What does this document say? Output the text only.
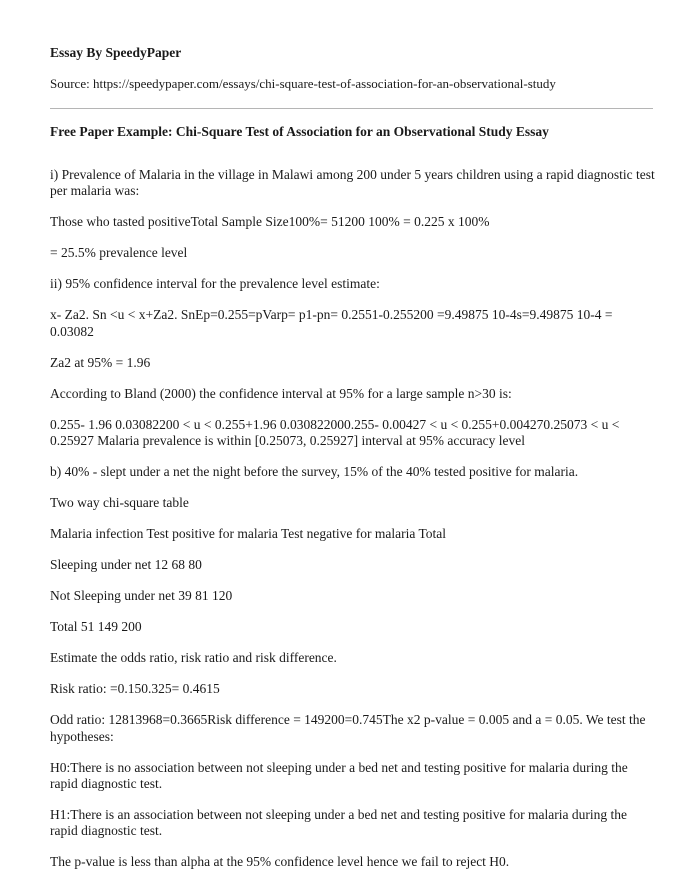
Essay By SpeedyPaper
Source: https://speedypaper.com/essays/chi-square-test-of-association-for-an-observational-study
Free Paper Example: Chi-Square Test of Association for an Observational Study Essay
i) Prevalence of Malaria in the village in Malawi among 200 under 5 years children using a rapid diagnostic test per malaria was:
Those who tasted positiveTotal Sample Size100%= 51200 100% = 0.225 x 100%
= 25.5% prevalence level
ii) 95% confidence interval for the prevalence level estimate:
x- Za2. Sn <u < x+Za2. SnEp=0.255=pVarp= p1-pn= 0.2551-0.255200 =9.49875 10-4s=9.49875 10-4 = 0.03082
Za2 at 95% = 1.96
According to Bland (2000) the confidence interval at 95% for a large sample n>30 is:
0.255- 1.96 0.03082200 < u < 0.255+1.96 0.030822000.255- 0.00427 < u < 0.255+0.004270.25073 < u < 0.25927 Malaria prevalence is within [0.25073, 0.25927] interval at 95% accuracy level
b) 40% - slept under a net the night before the survey, 15% of the 40% tested positive for malaria.
Two way chi-square table
Malaria infection Test positive for malaria Test negative for malaria Total
Sleeping under net 12 68 80
Not Sleeping under net 39 81 120
Total 51 149 200
Estimate the odds ratio, risk ratio and risk difference.
Risk ratio: =0.150.325= 0.4615
Odd ratio: 12813968=0.3665Risk difference = 149200=0.745The x2 p-value = 0.005 and a = 0.05. We test the hypotheses:
H0:There is no association between not sleeping under a bed net and testing positive for malaria during the rapid diagnostic test.
H1:There is an association between not sleeping under a bed net and testing positive for malaria during the rapid diagnostic test.
The p-value is less than alpha at the 95% confidence level hence we fail to reject H0.
